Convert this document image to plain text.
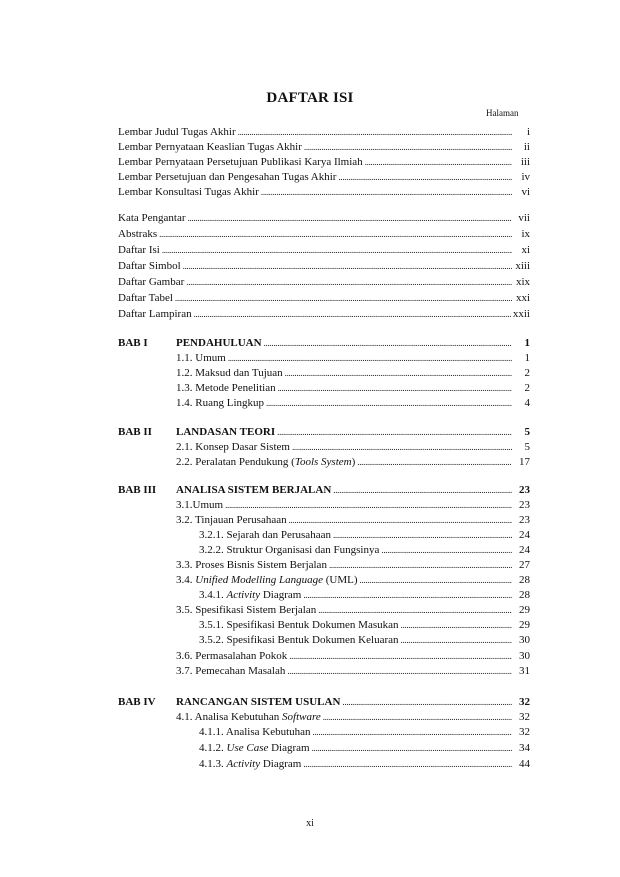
DAFTAR ISI
Halaman
Lembar Judul Tugas Akhir .....	i
Lembar Pernyataan Keaslian Tugas Akhir .....	ii
Lembar Pernyataan Persetujuan Publikasi Karya Ilmiah .....	iii
Lembar Persetujuan dan Pengesahan Tugas Akhir .....	iv
Lembar Konsultasi Tugas Akhir .....	vi
Kata Pengantar .....	vii
Abstraks .....	ix
Daftar Isi .....	xi
Daftar Simbol .....	xiii
Daftar Gambar .....	xix
Daftar Tabel .....	xxi
Daftar Lampiran .....	xxii
BAB I	PENDAHULUAN .....	1
1.1. Umum .....	1
1.2. Maksud dan Tujuan .....	2
1.3. Metode Penelitian .....	2
1.4. Ruang Lingkup .....	4
BAB II	LANDASAN TEORI .....	5
2.1. Konsep Dasar Sistem .....	5
2.2. Peralatan Pendukung (Tools System) .....	17
BAB III	ANALISA SISTEM BERJALAN .....	23
3.1.Umum .....	23
3.2. Tinjauan Perusahaan .....	23
3.2.1. Sejarah dan Perusahaan .....	24
3.2.2. Struktur Organisasi dan Fungsinya .....	24
3.3. Proses Bisnis Sistem Berjalan .....	27
3.4. Unified Modelling Language (UML) .....	28
3.4.1. Activity Diagram .....	28
3.5. Spesifikasi Sistem Berjalan .....	29
3.5.1. Spesifikasi Bentuk Dokumen Masukan .....	29
3.5.2. Spesifikasi Bentuk Dokumen Keluaran .....	30
3.6. Permasalahan Pokok .....	30
3.7. Pemecahan Masalah .....	31
BAB IV	RANCANGAN SISTEM USULAN .....	32
4.1. Analisa Kebutuhan Software .....	32
4.1.1. Analisa Kebutuhan .....	32
4.1.2. Use Case Diagram .....	34
4.1.3. Activity Diagram .....	44
xi
